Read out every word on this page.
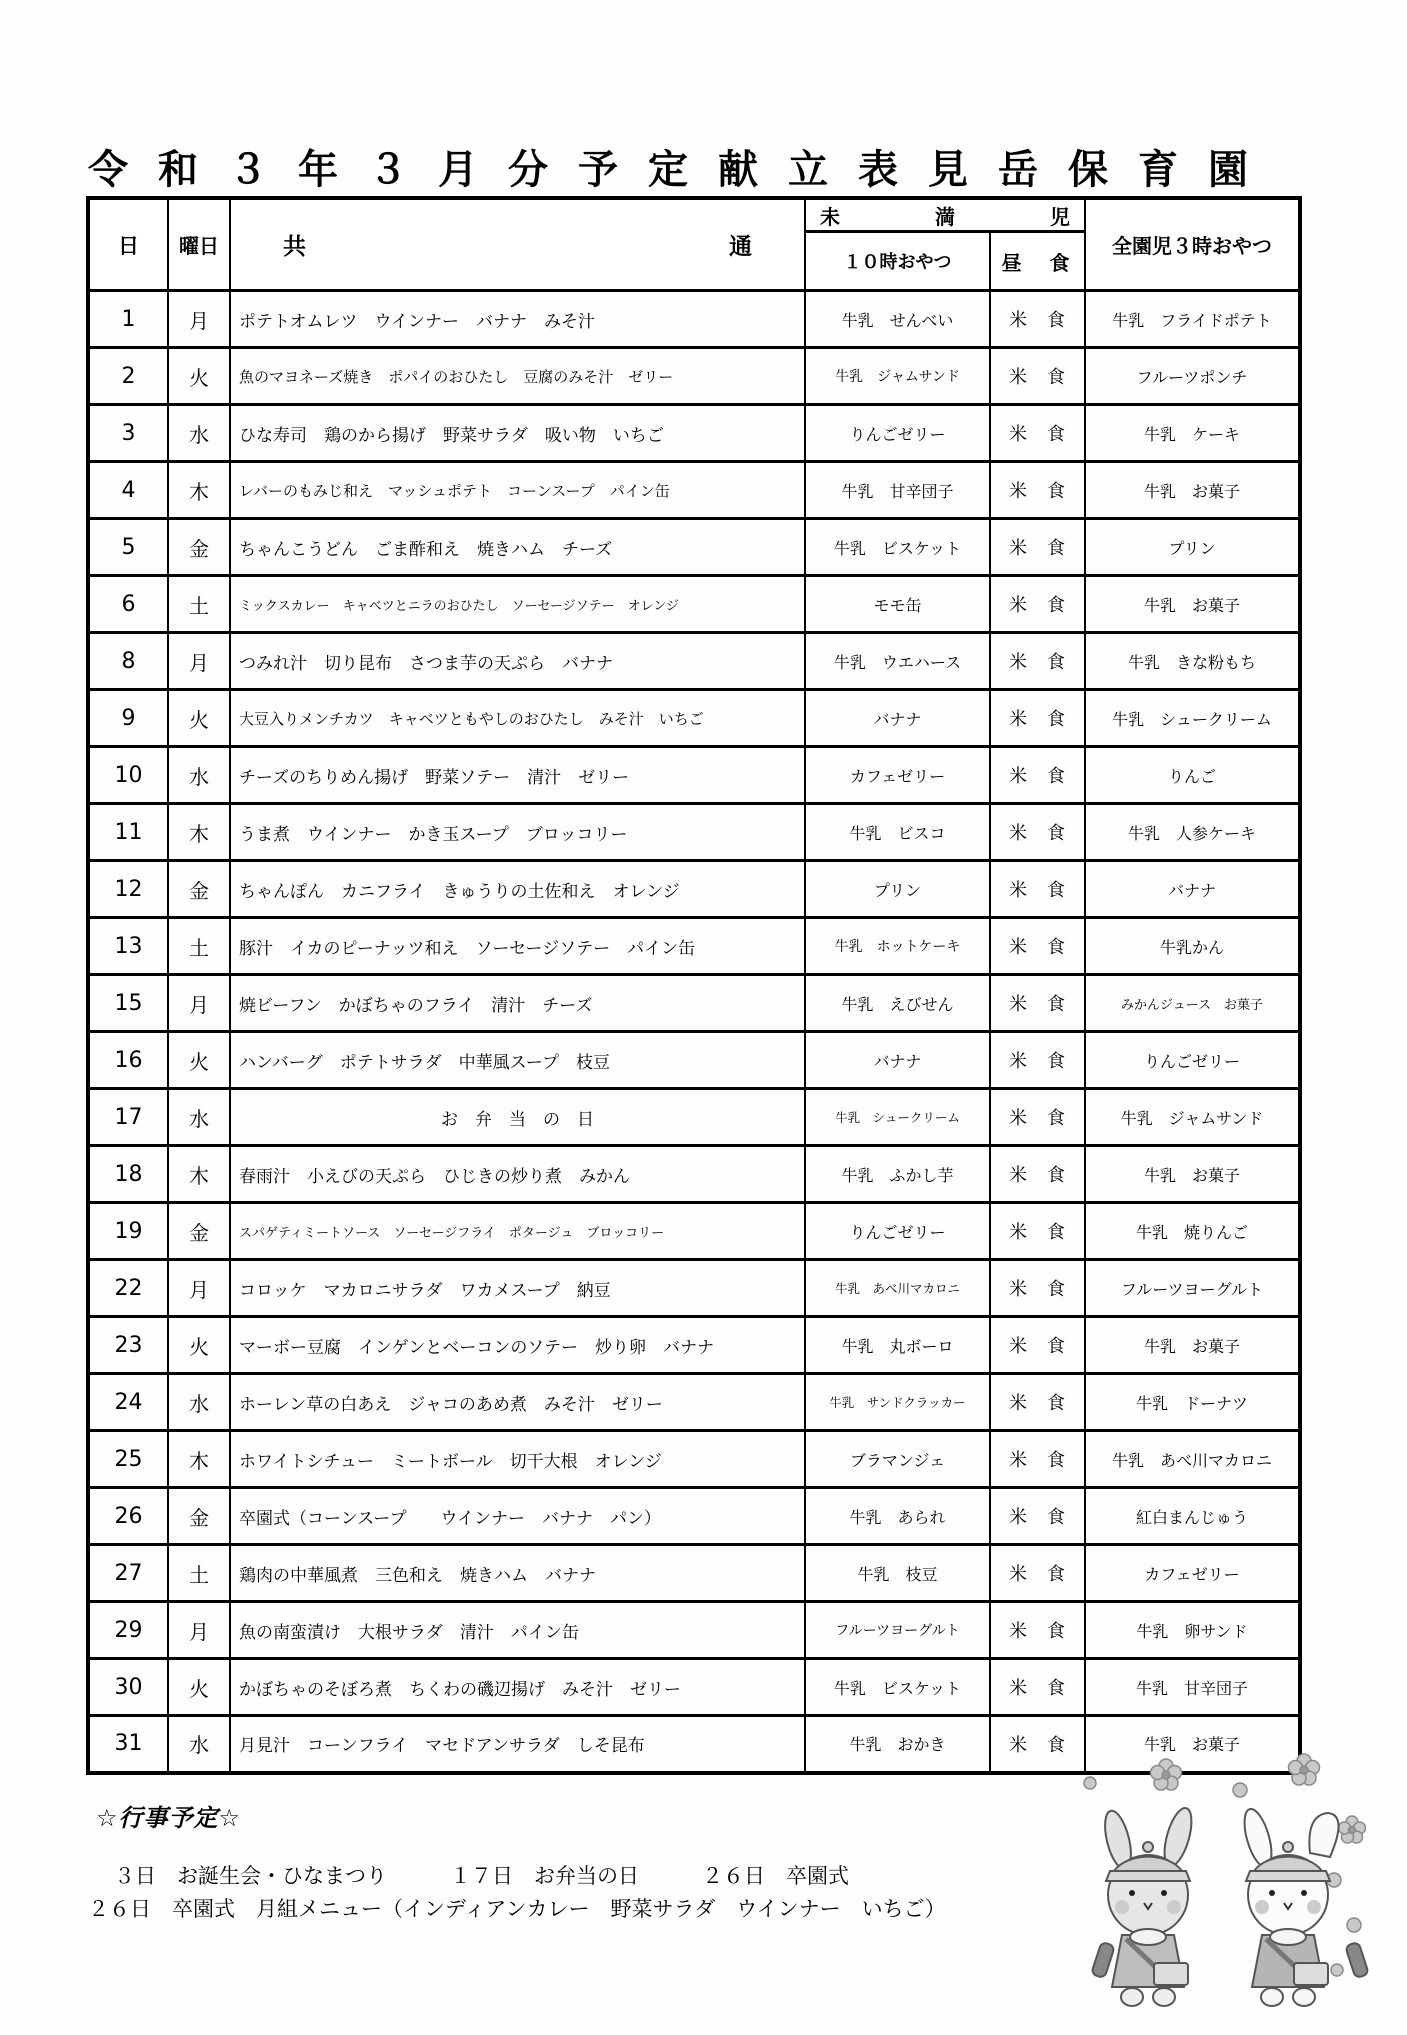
令和３年３月分予定献立表見岳保育園
日	曜日	共 通	未 満 児		全園児３時おやつ
			１０時おやつ	昼　食	
1	月	ポテトオムレツ　ウインナー　バナナ　みそ汁	牛乳　せんべい	米　食	牛乳　フライドポテト
2	火	魚のマヨネーズ焼き　ポパイのおひたし　豆腐のみそ汁　ゼリー	牛乳　ジャムサンド	米　食	フルーツポンチ
3	水	ひな寿司　鶏のから揚げ　野菜サラダ　吸い物　いちご	りんごゼリー	米　食	牛乳　ケーキ
4	木	レバーのもみじ和え　マッシュポテト　コーンスープ　パイン缶	牛乳　甘辛団子	米　食	牛乳　お菓子
5	金	ちゃんこうどん　ごま酢和え　焼きハム　チーズ	牛乳　ビスケット	米　食	プリン
6	土	ミックスカレー　キャベツとニラのおひたし　ソーセージソテー　オレンジ	モモ缶	米　食	牛乳　お菓子
8	月	つみれ汁　切り昆布　さつま芋の天ぷら　バナナ	牛乳　ウエハース	米　食	牛乳　きな粉もち
9	火	大豆入りメンチカツ　キャベツともやしのおひたし　みそ汁　いちご	バナナ	米　食	牛乳　シュークリーム
10	水	チーズのちりめん揚げ　野菜ソテー　清汁　ゼリー	カフェゼリー	米　食	りんご
11	木	うま煮　ウインナー　かき玉スープ　ブロッコリー	牛乳　ビスコ	米　食	牛乳　人参ケーキ
12	金	ちゃんぽん　カニフライ　きゅうりの土佐和え　オレンジ	プリン	米　食	バナナ
13	土	豚汁　イカのピーナッツ和え　ソーセージソテー　パイン缶	牛乳　ホットケーキ	米　食	牛乳かん
15	月	焼ビーフン　かぼちゃのフライ　清汁　チーズ	牛乳　えびせん	米　食	みかんジュース　お菓子
16	火	ハンバーグ　ポテトサラダ　中華風スープ　枝豆	バナナ	米　食	りんごゼリー
17	水	お　弁　当　の　日	牛乳　シュークリーム	米　食	牛乳　ジャムサンド
18	木	春雨汁　小えびの天ぷら　ひじきの炒り煮　みかん	牛乳　ふかし芋	米　食	牛乳　お菓子
19	金	スパゲティミートソース　ソーセージフライ　ポタージュ　ブロッコリー	りんごゼリー	米　食	牛乳　焼りんご
22	月	コロッケ　マカロニサラダ　ワカメスープ　納豆	牛乳　あべ川マカロニ	米　食	フルーツヨーグルト
23	火	マーボー豆腐　インゲンとベーコンのソテー　炒り卵　バナナ	牛乳　丸ボーロ	米　食	牛乳　お菓子
24	水	ホーレン草の白あえ　ジャコのあめ煮　みそ汁　ゼリー	牛乳　サンドクラッカー	米　食	牛乳　ドーナツ
25	木	ホワイトシチュー　ミートボール　切干大根　オレンジ	ブラマンジェ	米　食	牛乳　あべ川マカロニ
26	金	卒園式（コーンスープ　　ウインナー　バナナ　パン）	牛乳　あられ	米　食	紅白まんじゅう
27	土	鶏肉の中華風煮　三色和え　焼きハム　バナナ	牛乳　枝豆	米　食	カフェゼリー
29	月	魚の南蛮漬け　大根サラダ　清汁　パイン缶	フルーツヨーグルト	米　食	牛乳　卵サンド
30	火	かぼちゃのそぼろ煮　ちくわの磯辺揚げ　みそ汁　ゼリー	牛乳　ビスケット	米　食	牛乳　甘辛団子
31	水	月見汁　コーンフライ　マセドアンサラダ　しそ昆布	牛乳　おかき	米　食	牛乳　お菓子
☆行事予定☆
３日　お誕生会・ひなまつり　　　１７日　お弁当の日　　　２６日　卒園式
２６日　卒園式　月組メニュー（インディアンカレー　野菜サラダ　ウインナー　いちご）
